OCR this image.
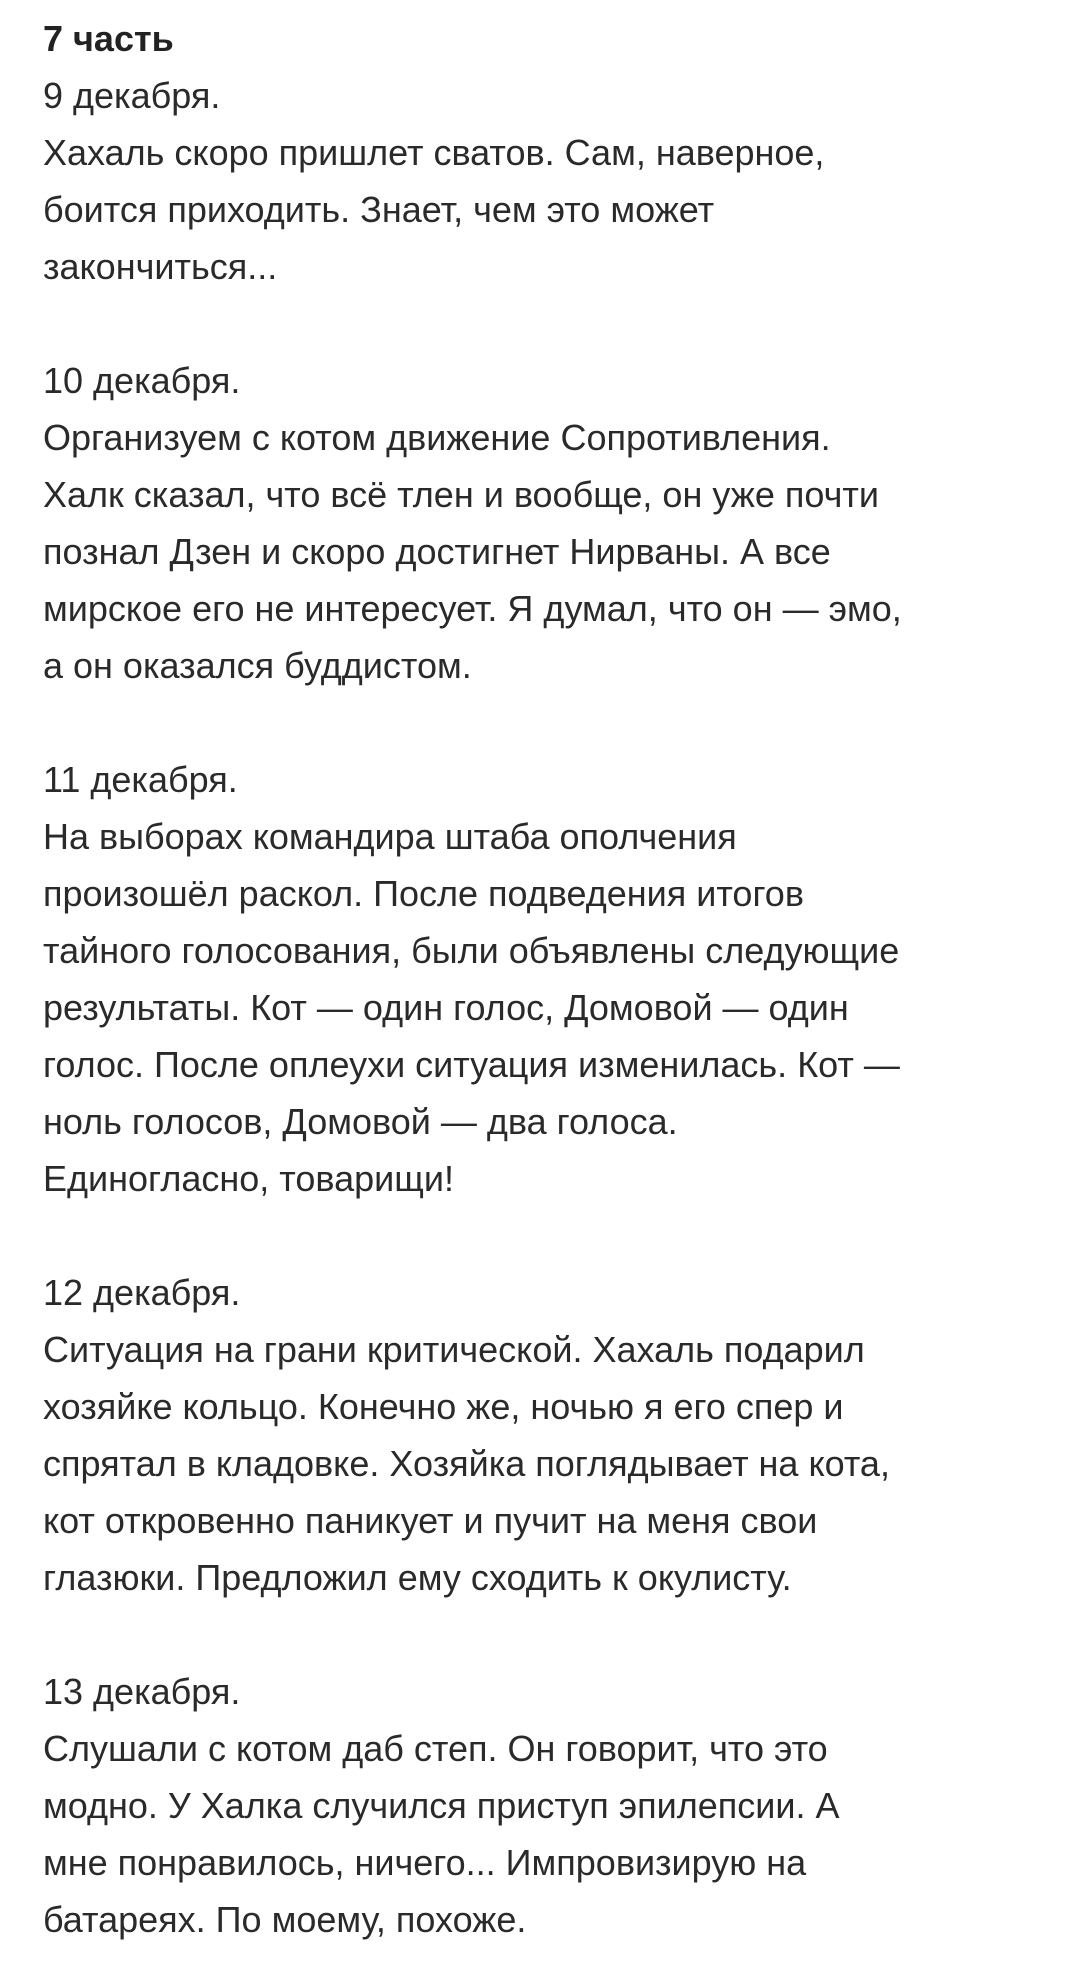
7 часть
9 декабря.
Хахаль скоро пришлет сватов. Сам, наверное,
боится приходить. Знает, чем это может
закончиться...
10 декабря.
Организуем с котом движение Сопротивления.
Халк сказал, что всё тлен и вообще, он уже почти
познал Дзен и скоро достигнет Нирваны. А все
мирское его не интересует. Я думал, что он — эмо,
а он оказался буддистом.
11 декабря.
На выборах командира штаба ополчения
произошёл раскол. После подведения итогов
тайного голосования, были объявлены следующие
результаты. Кот — один голос, Домовой — один
голос. После оплеухи ситуация изменилась. Кот —
ноль голосов, Домовой — два голоса.
Единогласно, товарищи!
12 декабря.
Ситуация на грани критической. Хахаль подарил
хозяйке кольцо. Конечно же, ночью я его спер и
спрятал в кладовке. Хозяйка поглядывает на кота,
кот откровенно паникует и пучит на меня свои
глазюки. Предложил ему сходить к окулисту.
13 декабря.
Слушали с котом даб степ. Он говорит, что это
модно. У Халка случился приступ эпилепсии. А
мне понравилось, ничего... Импровизирую на
батареях. По моему, похоже.
